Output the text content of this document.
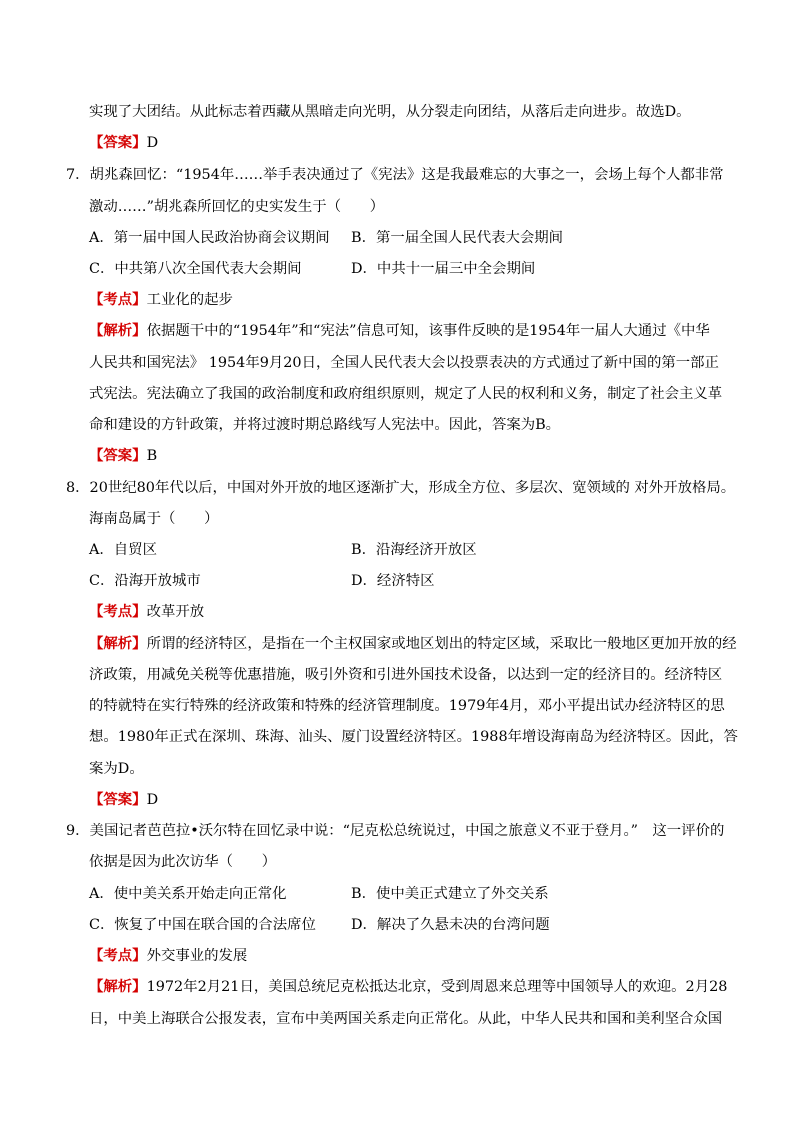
实现了大团结。从此标志着西藏从黑暗走向光明，从分裂走向团结，从落后走向进步。故选D。
【答案】D
7．胡兆森回忆：“1954年……举手表决通过了《宪法》这是我最难忘的大事之一，会场上每个人都非常
激动……”胡兆森所回忆的史实发生于（　　）
A．第一届中国人民政治协商会议期间 B．第一届全国人民代表大会期间
C．中共第八次全国代表大会期间	D．中共十一届三中全会期间
【考点】工业化的起步
【解析】依据题干中的“1954年”和“宪法”信息可知，该事件反映的是1954年一届人大通过《中华
人民共和国宪法》 1954年9月20日，全国人民代表大会以投票表决的方式通过了新中国的第一部正
式宪法。宪法确立了我国的政治制度和政府组织原则，规定了人民的权利和义务，制定了社会主义革
命和建设的方针政策，并将过渡时期总路线写人宪法中。因此，答案为B。
【答案】B
8．20世纪80年代以后，中国对外开放的地区逐渐扩大，形成全方位、多层次、宽领域的 对外开放格局。
海南岛属于（　　）
A．自贸区	B．沿海经济开放区
C．沿海开放城市	D．经济特区
【考点】改革开放
【解析】所谓的经济特区，是指在一个主权国家或地区划出的特定区域，采取比一般地区更加开放的经
济政策，用减免关税等优惠措施，吸引外资和引进外国技术设备，以达到一定的经济目的。经济特区
的特就特在实行特殊的经济政策和特殊的经济管理制度。1979年4月，邓小平提出试办经济特区的思
想。1980年正式在深圳、珠海、汕头、厦门设置经济特区。1988年增设海南岛为经济特区。因此，答
案为D。
【答案】D
9．美国记者芭芭拉•沃尔特在回忆录中说：“尼克松总统说过，中国之旅意义不亚于登月。”　这一评价的
依据是因为此次访华（　　）
A．使中美关系开始走向正常化	B．使中美正式建立了外交关系
C．恢复了中国在联合国的合法席位 D．解决了久悬未决的台湾问题
【考点】外交事业的发展
【解析】1972年2月21日，美国总统尼克松抵达北京，受到周恩来总理等中国领导人的欢迎。2月28
日，中美上海联合公报发表，宣布中美两国关系走向正常化。从此，中华人民共和国和美利坚合众国
